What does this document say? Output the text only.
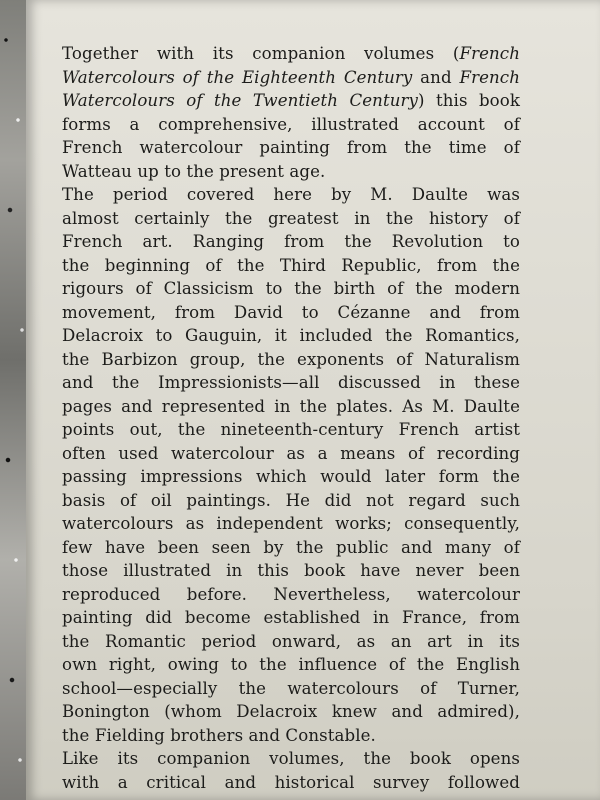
Together with its companion volumes (French
Watercolours of the Eighteenth Century and French
Watercolours of the Twentieth Century) this book
forms a comprehensive, illustrated account of
French watercolour painting from the time of
Watteau up to the present age.
The period covered here by M. Daulte was
almost certainly the greatest in the history of
French art. Ranging from the Revolution to
the beginning of the Third Republic, from the
rigours of Classicism to the birth of the modern
movement, from David to Cézanne and from
Delacroix to Gauguin, it included the Romantics,
the Barbizon group, the exponents of Naturalism
and the Impressionists—all discussed in these
pages and represented in the plates. As M. Daulte
points out, the nineteenth-century French artist
often used watercolour as a means of recording
passing impressions which would later form the
basis of oil paintings. He did not regard such
watercolours as independent works; consequently,
few have been seen by the public and many of
those illustrated in this book have never been
reproduced before. Nevertheless, watercolour
painting did become established in France, from
the Romantic period onward, as an art in its
own right, owing to the influence of the English
school—especially the watercolours of Turner,
Bonington (whom Delacroix knew and admired),
the Fielding brothers and Constable.
Like its companion volumes, the book opens
with a critical and historical survey followed
